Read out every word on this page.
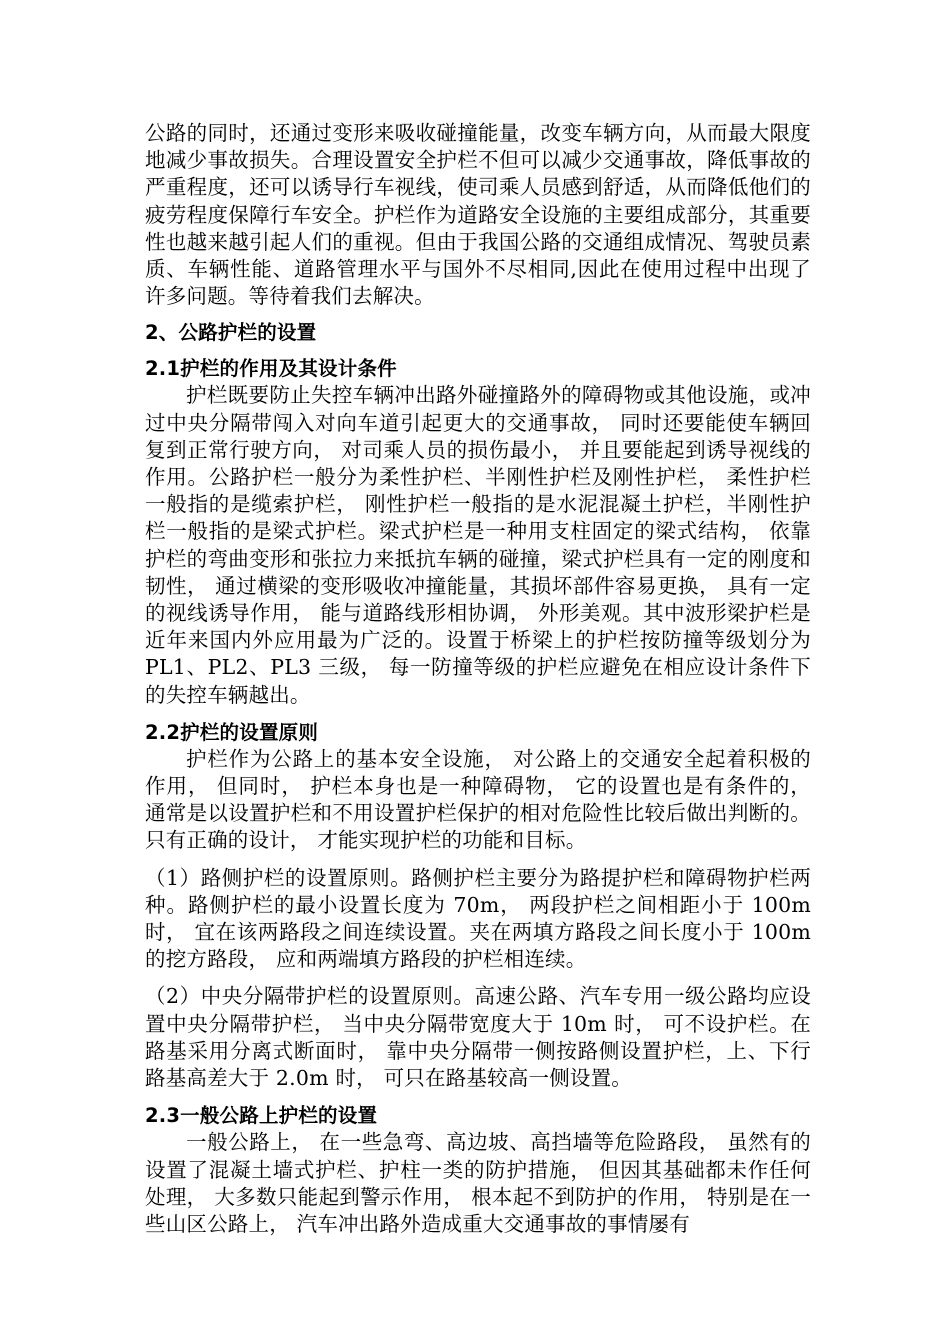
公路的同时，还通过变形来吸收碰撞能量，改变车辆方向，从而最大限度地减少事故损失。合理设置安全护栏不但可以减少交通事故，降低事故的严重程度，还可以诱导行车视线，使司乘人员感到舒适，从而降低他们的疲劳程度保障行车安全。护栏作为道路安全设施的主要组成部分，其重要性也越来越引起人们的重视。但由于我国公路的交通组成情况、驾驶员素质、车辆性能、道路管理水平与国外不尽相同,因此在使用过程中出现了许多问题。等待着我们去解决。

2、公路护栏的设置
2.1护栏的作用及其设计条件

护栏既要防止失控车辆冲出路外碰撞路外的障碍物或其他设施，或冲过中央分隔带闯入对向车道引起更大的交通事故， 同时还要能使车辆回复到正常行驶方向， 对司乘人员的损伤最小， 并且要能起到诱导视线的作用。公路护栏一般分为柔性护栏、半刚性护栏及刚性护栏， 柔性护栏一般指的是缆索护栏， 刚性护栏一般指的是水泥混凝土护栏，半刚性护栏一般指的是梁式护栏。梁式护栏是一种用支柱固定的梁式结构， 依靠护栏的弯曲变形和张拉力来抵抗车辆的碰撞，梁式护栏具有一定的刚度和韧性， 通过横梁的变形吸收冲撞能量，其损坏部件容易更换， 具有一定的视线诱导作用， 能与道路线形相协调， 外形美观。其中波形梁护栏是近年来国内外应用最为广泛的。设置于桥梁上的护栏按防撞等级划分为 PL1、PL2、PL3 三级， 每一防撞等级的护栏应避免在相应设计条件下的失控车辆越出。

2.2护栏的设置原则

护栏作为公路上的基本安全设施， 对公路上的交通安全起着积极的作用， 但同时， 护栏本身也是一种障碍物， 它的设置也是有条件的， 通常是以设置护栏和不用设置护栏保护的相对危险性比较后做出判断的。只有正确的设计， 才能实现护栏的功能和目标。

（1）路侧护栏的设置原则。路侧护栏主要分为路提护栏和障碍物护栏两种。路侧护栏的最小设置长度为 70m， 两段护栏之间相距小于 100m 时， 宜在该两路段之间连续设置。夹在两填方路段之间长度小于 100m 的挖方路段， 应和两端填方路段的护栏相连续。

（2）中央分隔带护栏的设置原则。高速公路、汽车专用一级公路均应设置中央分隔带护栏， 当中央分隔带宽度大于 10m 时， 可不设护栏。在路基采用分离式断面时， 靠中央分隔带一侧按路侧设置护栏，上、下行路基高差大于 2.0m 时， 可只在路基较高一侧设置。

2.3一般公路上护栏的设置

一般公路上， 在一些急弯、高边坡、高挡墙等危险路段， 虽然有的设置了混凝土墙式护栏、护柱一类的防护措施， 但因其基础都未作任何处理， 大多数只能起到警示作用， 根本起不到防护的作用， 特别是在一些山区公路上， 汽车冲出路外造成重大交通事故的事情屡有
